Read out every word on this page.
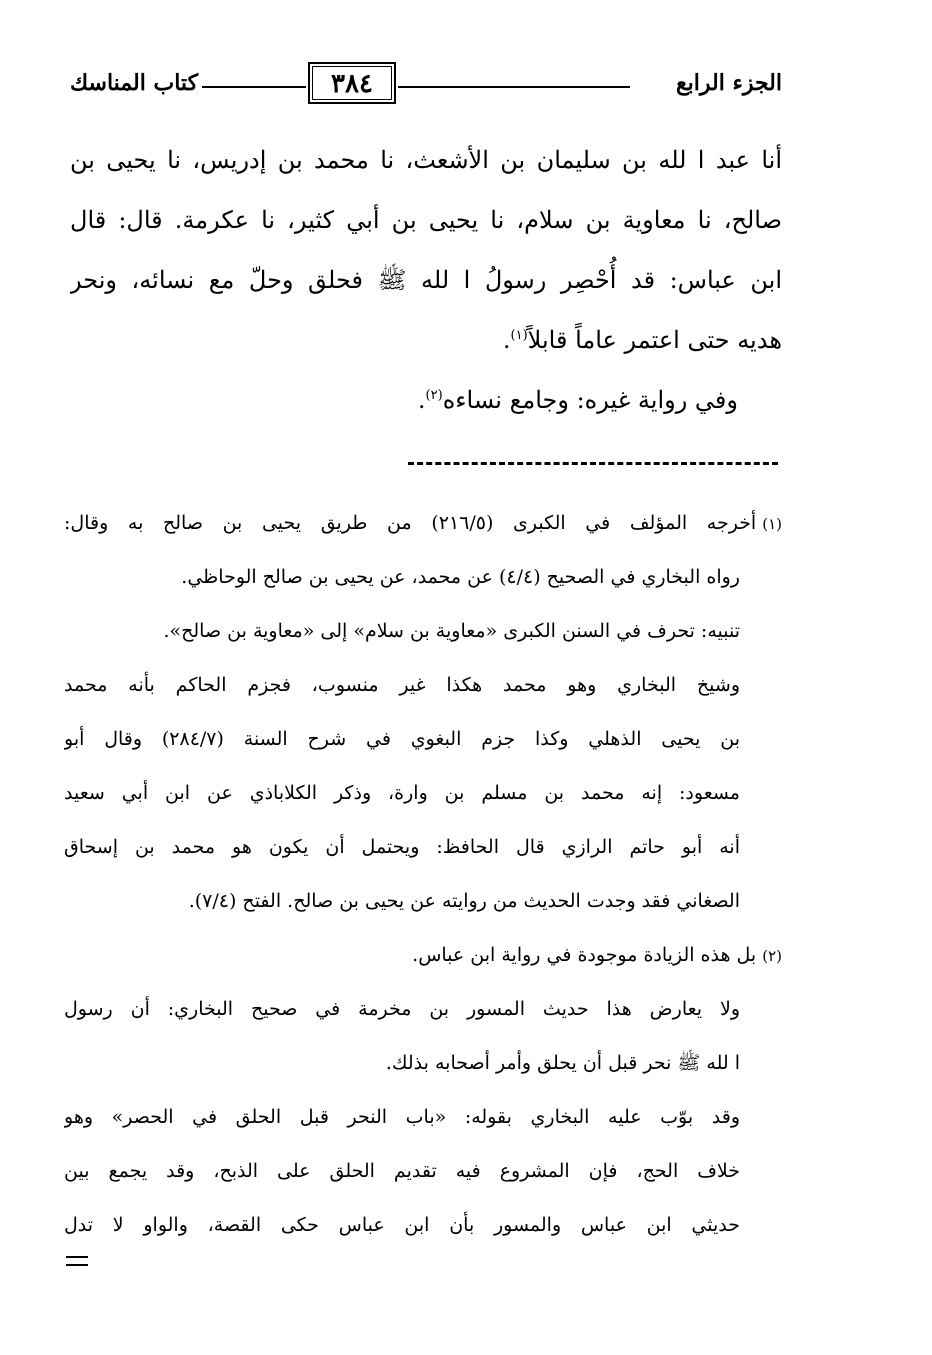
الجزء الرابع
٣٨٤
كتاب المناسك
أنا عبد ا لله بن سليمان بن الأشعث، نا محمد بن إدريس، نا يحيى بن
صالح، نا معاوية بن سلام، نا يحيى بن أبي كثير، نا عكرمة. قال: قال
ابن عباس: قد أُحْصِر رسولُ ا لله ﷺ فحلق وحلّ مع نسائه، ونحر
هديه حتى اعتمر عاماً قابلاً$^{(١)}$.
وفي رواية غيره: وجامع نساءه$^{(٢)}$.
(١)أخرجه المؤلف في الكبرى (٢١٦/٥) من طريق يحيى بن صالح به وقال:
رواه البخاري في الصحيح (٤/٤) عن محمد، عن يحيى بن صالح الوحاظي.
تنبيه: تحرف في السنن الكبرى «معاوية بن سلام» إلى «معاوية بن صالح».
وشيخ البخاري وهو محمد هكذا غير منسوب، فجزم الحاكم بأنه محمد
بن يحيى الذهلي وكذا جزم البغوي في شرح السنة (٢٨٤/٧) وقال أبو
مسعود: إنه محمد بن مسلم بن وارة، وذكر الكلاباذي عن ابن أبي سعيد
أنه أبو حاتم الرازي قال الحافظ: ويحتمل أن يكون هو محمد بن إسحاق
الصغاني فقد وجدت الحديث من روايته عن يحيى بن صالح. الفتح (٧/٤).
(٢)بل هذه الزيادة موجودة في رواية ابن عباس.
ولا يعارض هذا حديث المسور بن مخرمة في صحيح البخاري: أن رسول
ا لله ﷺ نحر قبل أن يحلق وأمر أصحابه بذلك.
وقد بوّب عليه البخاري بقوله: «باب النحر قبل الحلق في الحصر» وهو
خلاف الحج، فإن المشروع فيه تقديم الحلق على الذبح، وقد يجمع بين
حديثي ابن عباس والمسور بأن ابن عباس حكى القصة، والواو لا تدل
